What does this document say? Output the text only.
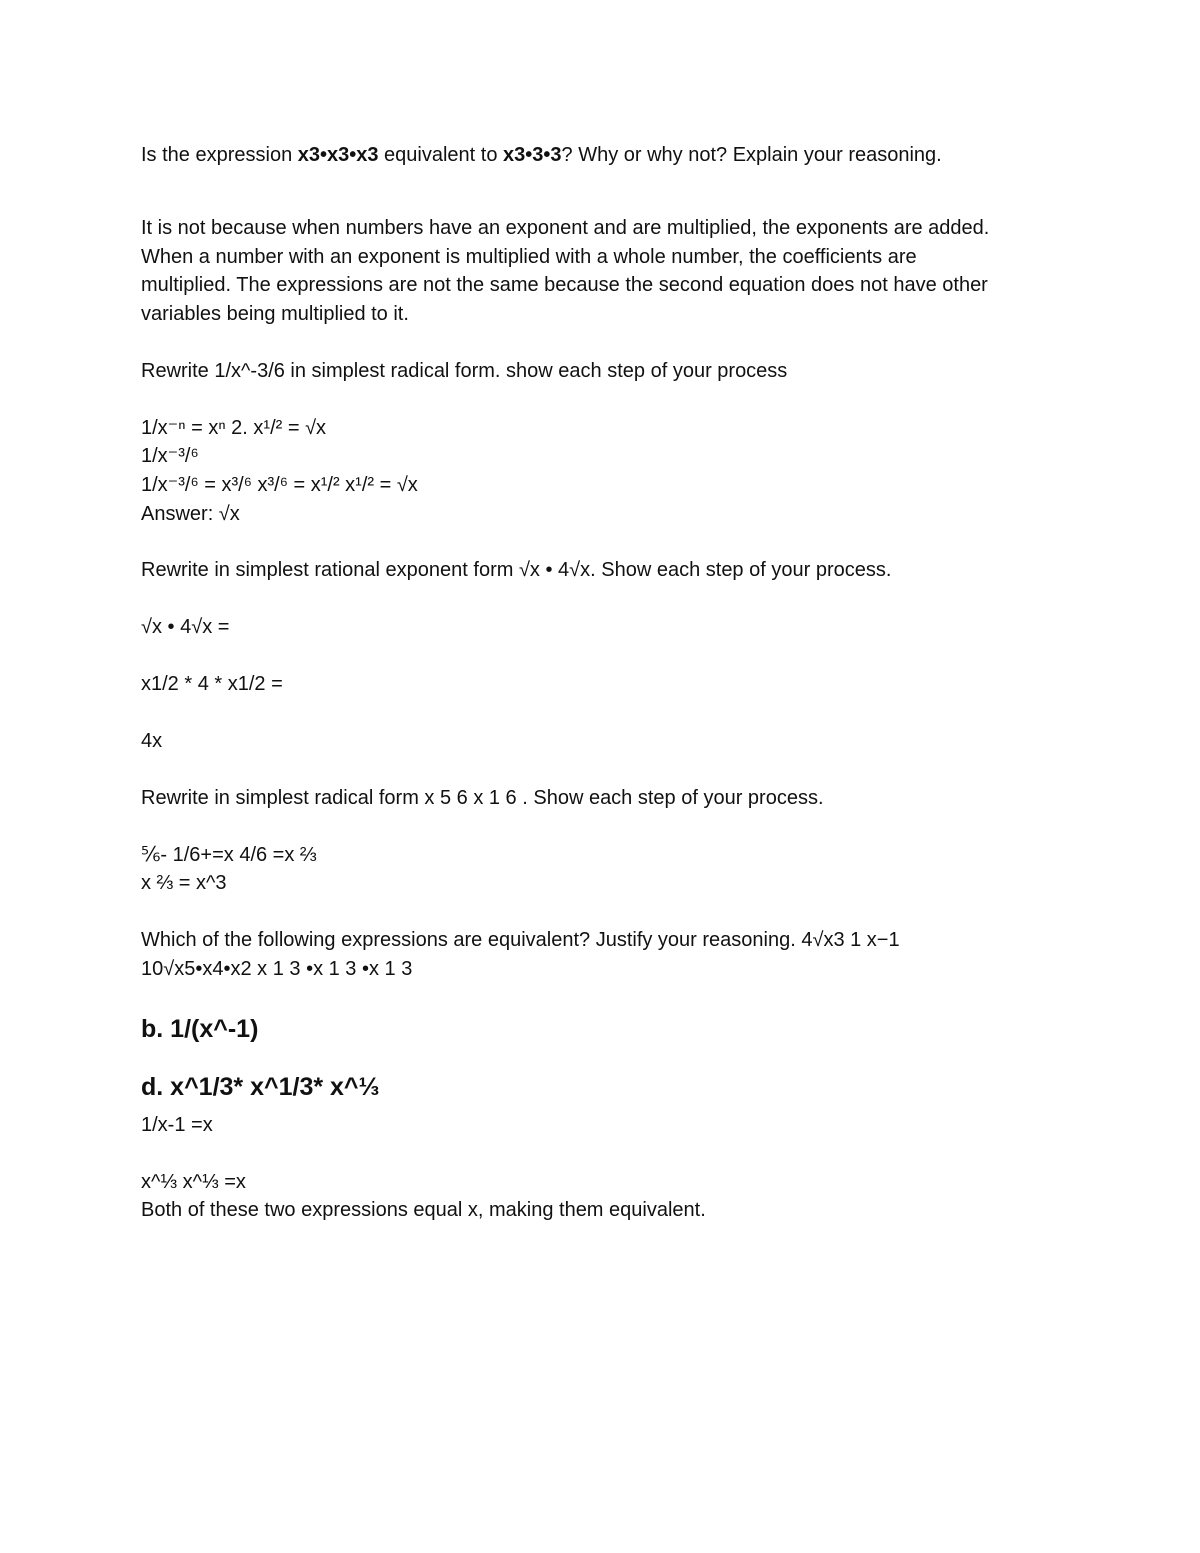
Is the expression x3•x3•x3 equivalent to x3•3•3? Why or why not? Explain your reasoning.

It is not because when numbers have an exponent and are multiplied, the exponents are added.

When a number with an exponent is multiplied with a whole number, the coefficients are

multiplied. The expressions are not the same because the second equation does not have other

variables being multiplied to it.

Rewrite 1/x^-3/6 in simplest radical form. show each step of your process

1/x⁻ⁿ = xⁿ 2. x¹/² = √x

1/x⁻³/⁶

1/x⁻³/⁶ = x³/⁶ x³/⁶ = x¹/² x¹/² = √x

Answer: √x

Rewrite in simplest rational exponent form √x • 4√x. Show each step of your process.

√x • 4√x =

x1/2 * 4 * x1/2 =

4x

Rewrite in simplest radical form x 5 6 x 1 6 . Show each step of your process.

⅚- 1/6+=x 4/6 =x ⅔

x ⅔ = x^3

Which of the following expressions are equivalent? Justify your reasoning. 4√x3 1 x−1

10√x5•x4•x2 x 1 3 •x 1 3 •x 1 3

b. 1/(x^-1)

d. x^1/3* x^1/3* x^⅓

1/x-1 =x

x^⅓ x^⅓ =x

Both of these two expressions equal x, making them equivalent.
